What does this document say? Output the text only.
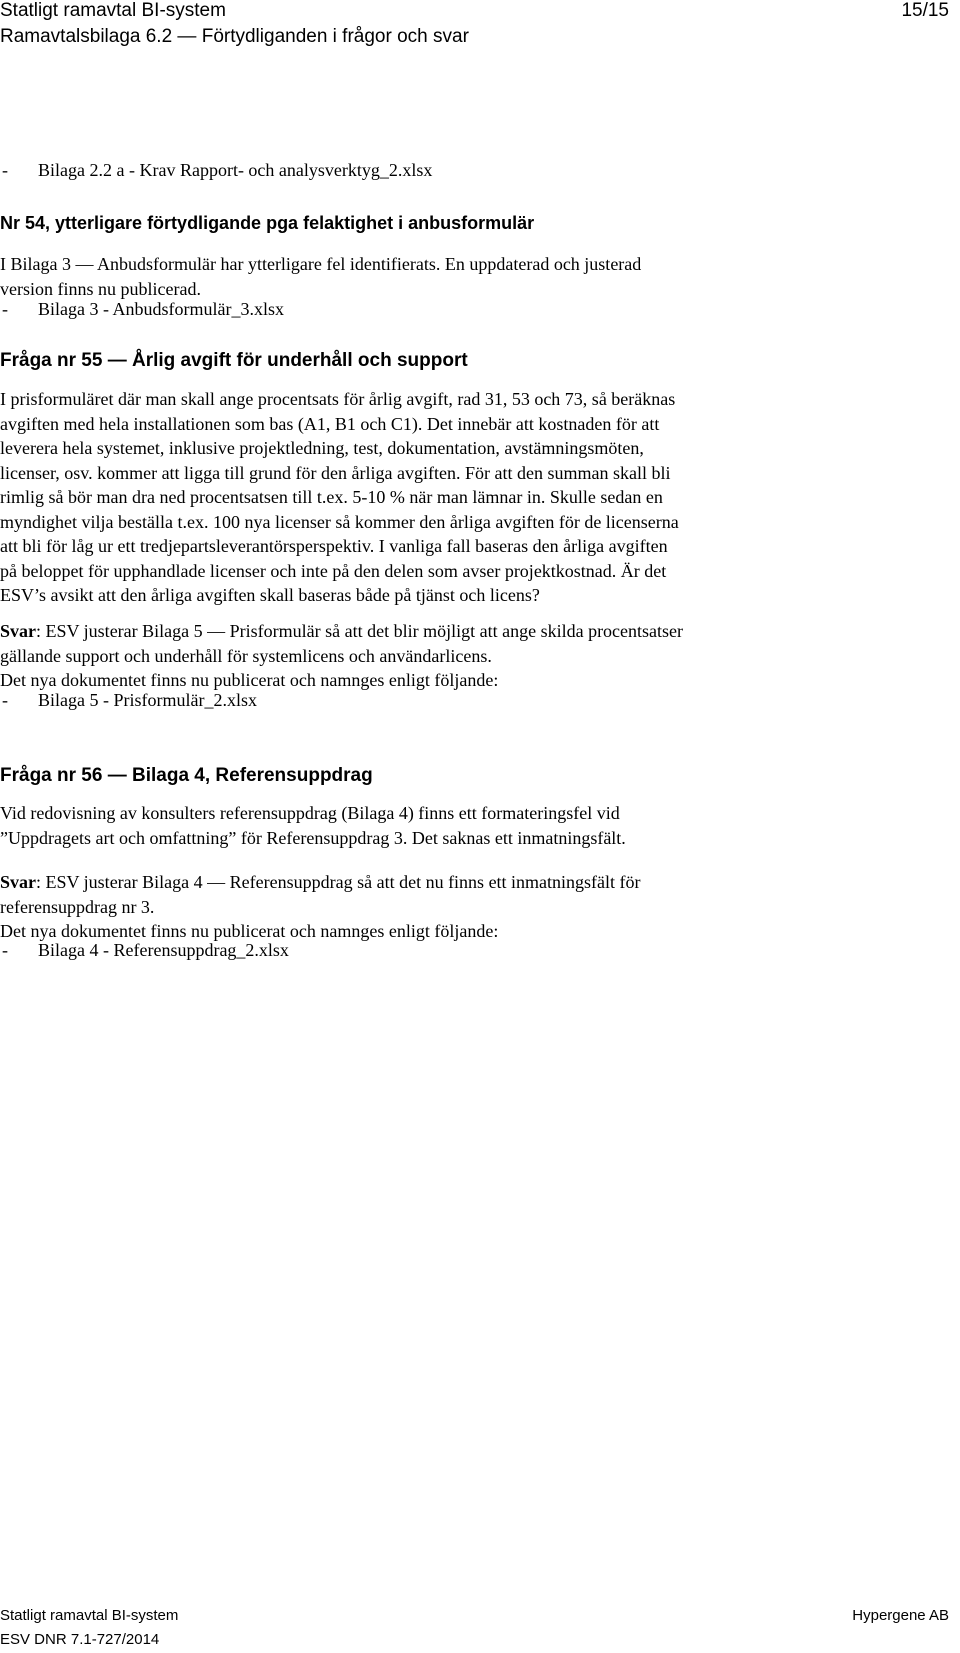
Statligt ramavtal BI-system	15/15
Ramavtalsbilaga 6.2 — Förtydliganden i frågor och svar
- Bilaga 2.2 a - Krav Rapport- och analysverktyg_2.xlsx
Nr 54, ytterligare förtydligande pga felaktighet i anbusformulär
I Bilaga 3 — Anbudsformulär har ytterligare fel identifierats. En uppdaterad och justerad
version finns nu publicerad.
- Bilaga 3 - Anbudsformulär_3.xlsx
Fråga nr 55 — Årlig avgift för underhåll och support
I prisformuläret där man skall ange procentsats för årlig avgift, rad 31, 53 och 73, så beräknas
avgiften med hela installationen som bas (A1, B1 och C1). Det innebär att kostnaden för att
leverera hela systemet, inklusive projektledning, test, dokumentation, avstämningsmöten,
licenser, osv. kommer att ligga till grund för den årliga avgiften. För att den summan skall bli
rimlig så bör man dra ned procentsatsen till t.ex. 5-10 % när man lämnar in. Skulle sedan en
myndighet vilja beställa t.ex. 100 nya licenser så kommer den årliga avgiften för de licenserna
att bli för låg ur ett tredjepartsleverantörsperspektiv. I vanliga fall baseras den årliga avgiften
på beloppet för upphandlade licenser och inte på den delen som avser projektkostnad. Är det
ESV’s avsikt att den årliga avgiften skall baseras både på tjänst och licens?
Svar: ESV justerar Bilaga 5 — Prisformulär så att det blir möjligt att ange skilda procentsatser
gällande support och underhåll för systemlicens och användarlicens.
Det nya dokumentet finns nu publicerat och namnges enligt följande:
- Bilaga 5 - Prisformulär_2.xlsx
Fråga nr 56 — Bilaga 4, Referensuppdrag
Vid redovisning av konsulters referensuppdrag (Bilaga 4) finns ett formateringsfel vid
”Uppdragets art och omfattning” för Referensuppdrag 3. Det saknas ett inmatningsfält.
Svar: ESV justerar Bilaga 4 — Referensuppdrag så att det nu finns ett inmatningsfält för
referensuppdrag nr 3.
Det nya dokumentet finns nu publicerat och namnges enligt följande:
- Bilaga 4 - Referensuppdrag_2.xlsx
Statligt ramavtal BI-system
ESV DNR 7.1-727/2014
Hypergene AB
